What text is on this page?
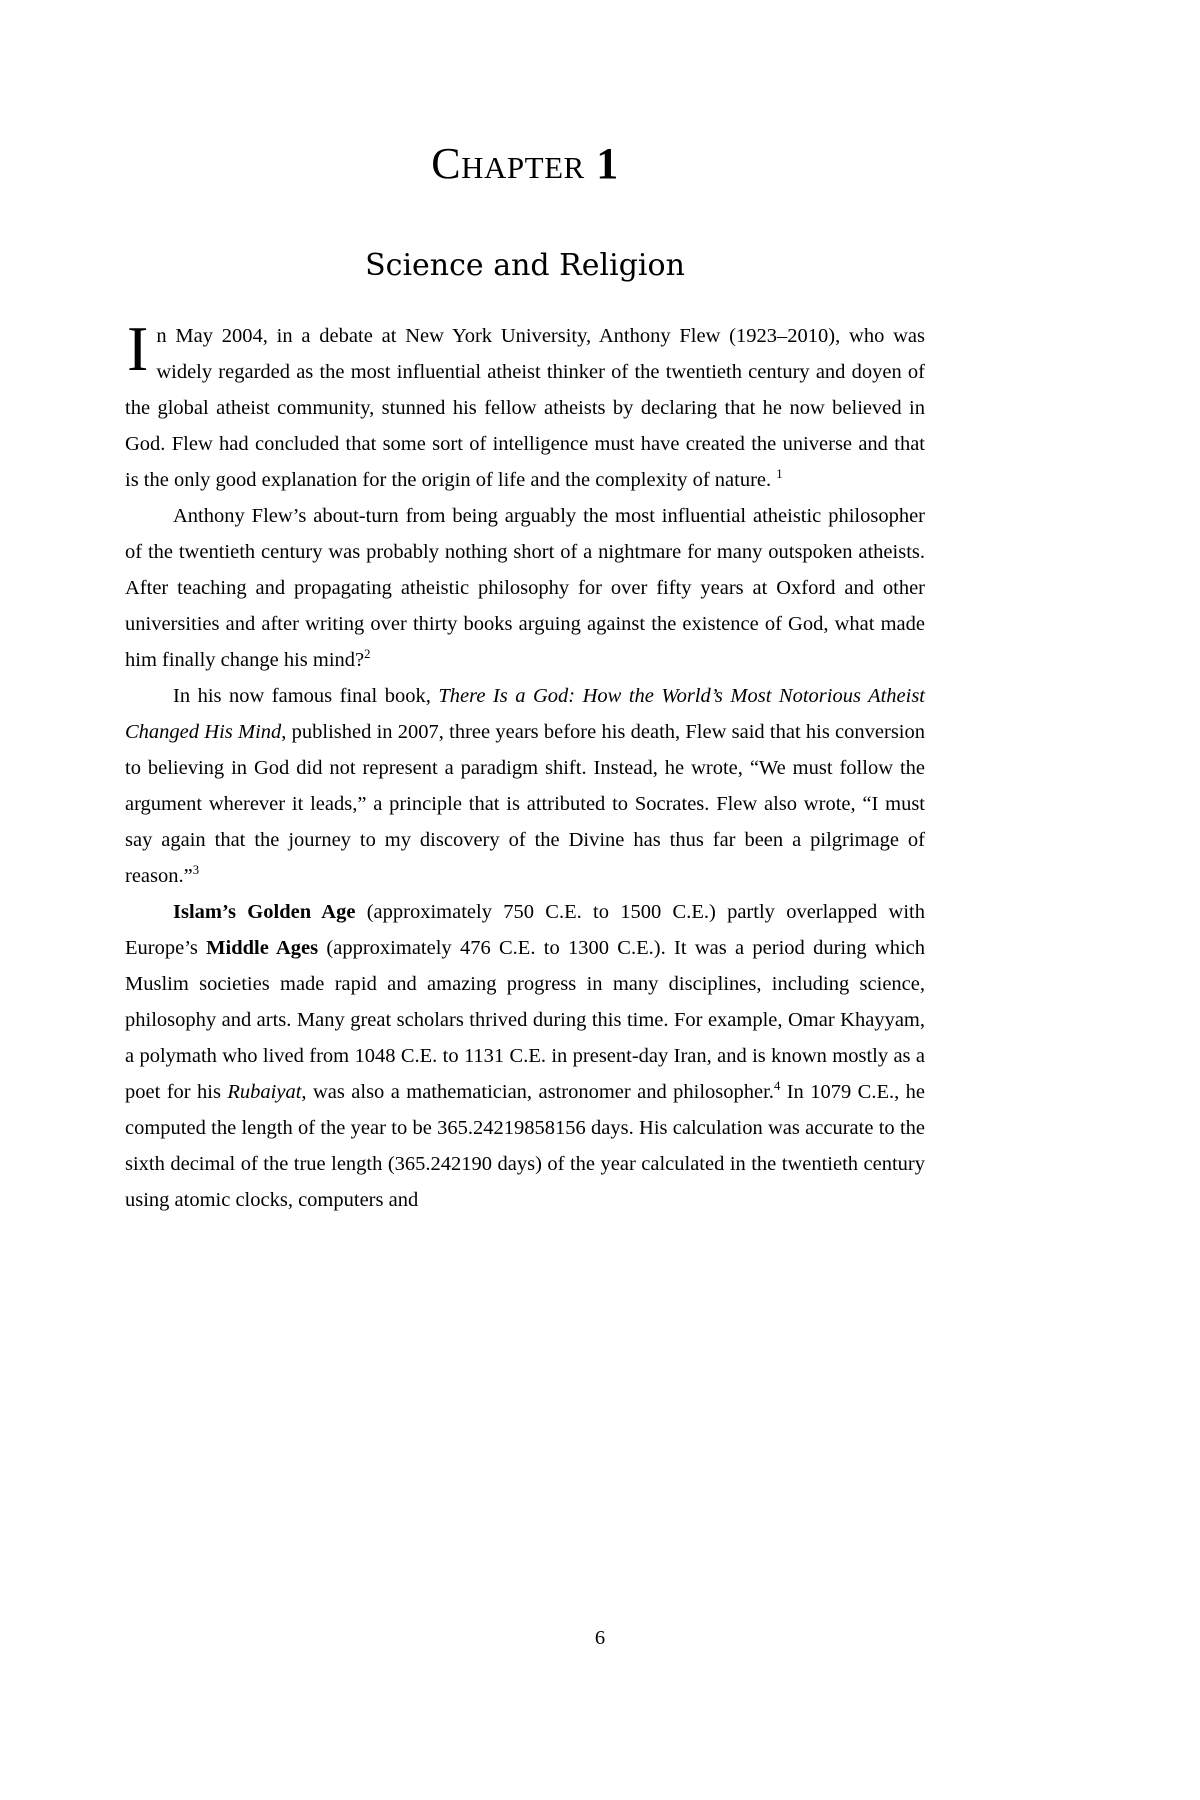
Chapter 1
Science and Religion

In May 2004, in a debate at New York University, Anthony Flew (1923–2010), who was widely regarded as the most influential atheist thinker of the twentieth century and doyen of the global atheist community, stunned his fellow atheists by declaring that he now believed in God. Flew had concluded that some sort of intelligence must have created the universe and that is the only good explanation for the origin of life and the complexity of nature. $^1$

Anthony Flew’s about-turn from being arguably the most influential atheistic philosopher of the twentieth century was probably nothing short of a nightmare for many outspoken atheists. After teaching and propagating atheistic philosophy for over fifty years at Oxford and other universities and after writing over thirty books arguing against the existence of God, what made him finally change his mind?$^2$

In his now famous final book, There Is a God: How the World’s Most Notorious Atheist Changed His Mind, published in 2007, three years before his death, Flew said that his conversion to believing in God did not represent a paradigm shift. Instead, he wrote, “We must follow the argument wherever it leads,” a principle that is attributed to Socrates. Flew also wrote, “I must say again that the journey to my discovery of the Divine has thus far been a pilgrimage of reason.”$^3$

Islam’s Golden Age (approximately 750 C.E. to 1500 C.E.) partly overlapped with Europe’s Middle Ages (approximately 476 C.E. to 1300 C.E.). It was a period during which Muslim societies made rapid and amazing progress in many disciplines, including science, philosophy and arts. Many great scholars thrived during this time. For example, Omar Khayyam, a polymath who lived from 1048 C.E. to 1131 C.E. in present-day Iran, and is known mostly as a poet for his Rubaiyat, was also a mathematician, astronomer and philosopher.$^4$ In 1079 C.E., he computed the length of the year to be 365.24219858156 days. His calculation was accurate to the sixth decimal of the true length (365.242190 days) of the year calculated in the twentieth century using atomic clocks, computers and

6
